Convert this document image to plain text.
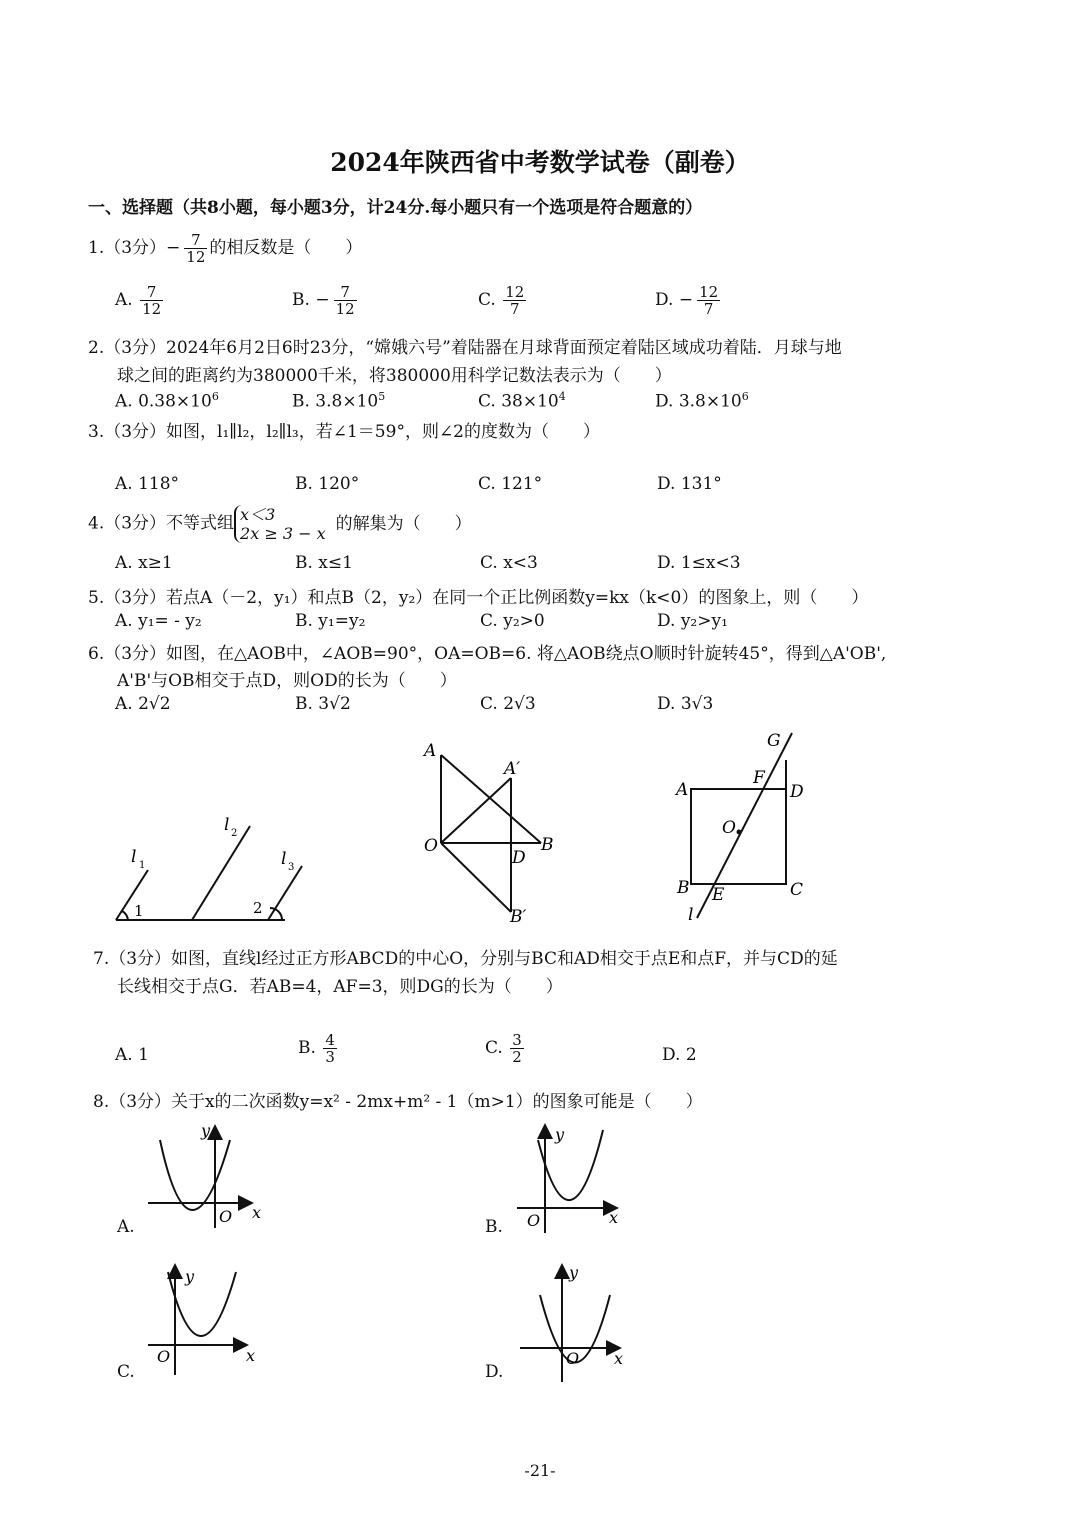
2024年陕西省中考数学试卷（副卷）
一、选择题（共8小题，每小题3分，计24分.每小题只有一个选项是符合题意的）
1.（3分）− $\frac{7}{12}$ 的相反数是（　　）
A. $\frac{7}{12}$	B. − $\frac{7}{12}$	C. $\frac{12}{7}$	D. − $\frac{12}{7}$
2.（3分）2024年6月2日6时23分，“嫦娥六号”着陆器在月球背面预定着陆区域成功着陆．月球与地
球之间的距离约为380000千米，将380000用科学记数法表示为（　　）
A. $0.38\times 10^6$	B. $3.8\times 10^5$	C. $38\times 10^4$	D. $3.8\times 10^6$
3.（3分）如图，l₁∥l₂，l₂∥l₃，若∠1＝59°，则∠2的度数为（　　）
A. 118°	B. 120°	C. 121°	D. 131°
4.（3分）不等式组 x＜3
2x ≥ 3 − x 的解集为（　　）
A. x≥1	B. x≤1	C. x<3	D. 1≤x<3
5.（3分）若点A（－2，y₁）和点B（2，y₂）在同一个正比例函数y=kx（k<0）的图象上，则（　　）
A. y₁= - y₂	B. y₁=y₂	C. y₂>0	D. y₂>y₁
6.（3分）如图，在△AOB中，∠AOB=90°，OA=OB=6. 将△AOB绕点O顺时针旋转45°，得到△A'OB',
A'B'与OB相交于点D，则OD的长为（　　）
A. 2√2	B. 3√2	C. 2√3	D. 3√3
l 1
l 2
l 3
1	2
A
A′
O	B
D
B′
A	D
B	C
O
E
F
G
l
7.（3分）如图，直线l经过正方形ABCD的中心O，分别与BC和AD相交于点E和点F，并与CD的延
长线相交于点G．若AB=4，AF=3，则DG的长为（　　）
A. 1	B. $\frac{4}{3}$	C. $\frac{3}{2}$	D. 2
8.（3分）关于x的二次函数y=x² - 2mx+m² - 1（m>1）的图象可能是（　　）
A.	B.
C.	D.
O x
y
O	x
y
O	x
y
O x
y
-21-
